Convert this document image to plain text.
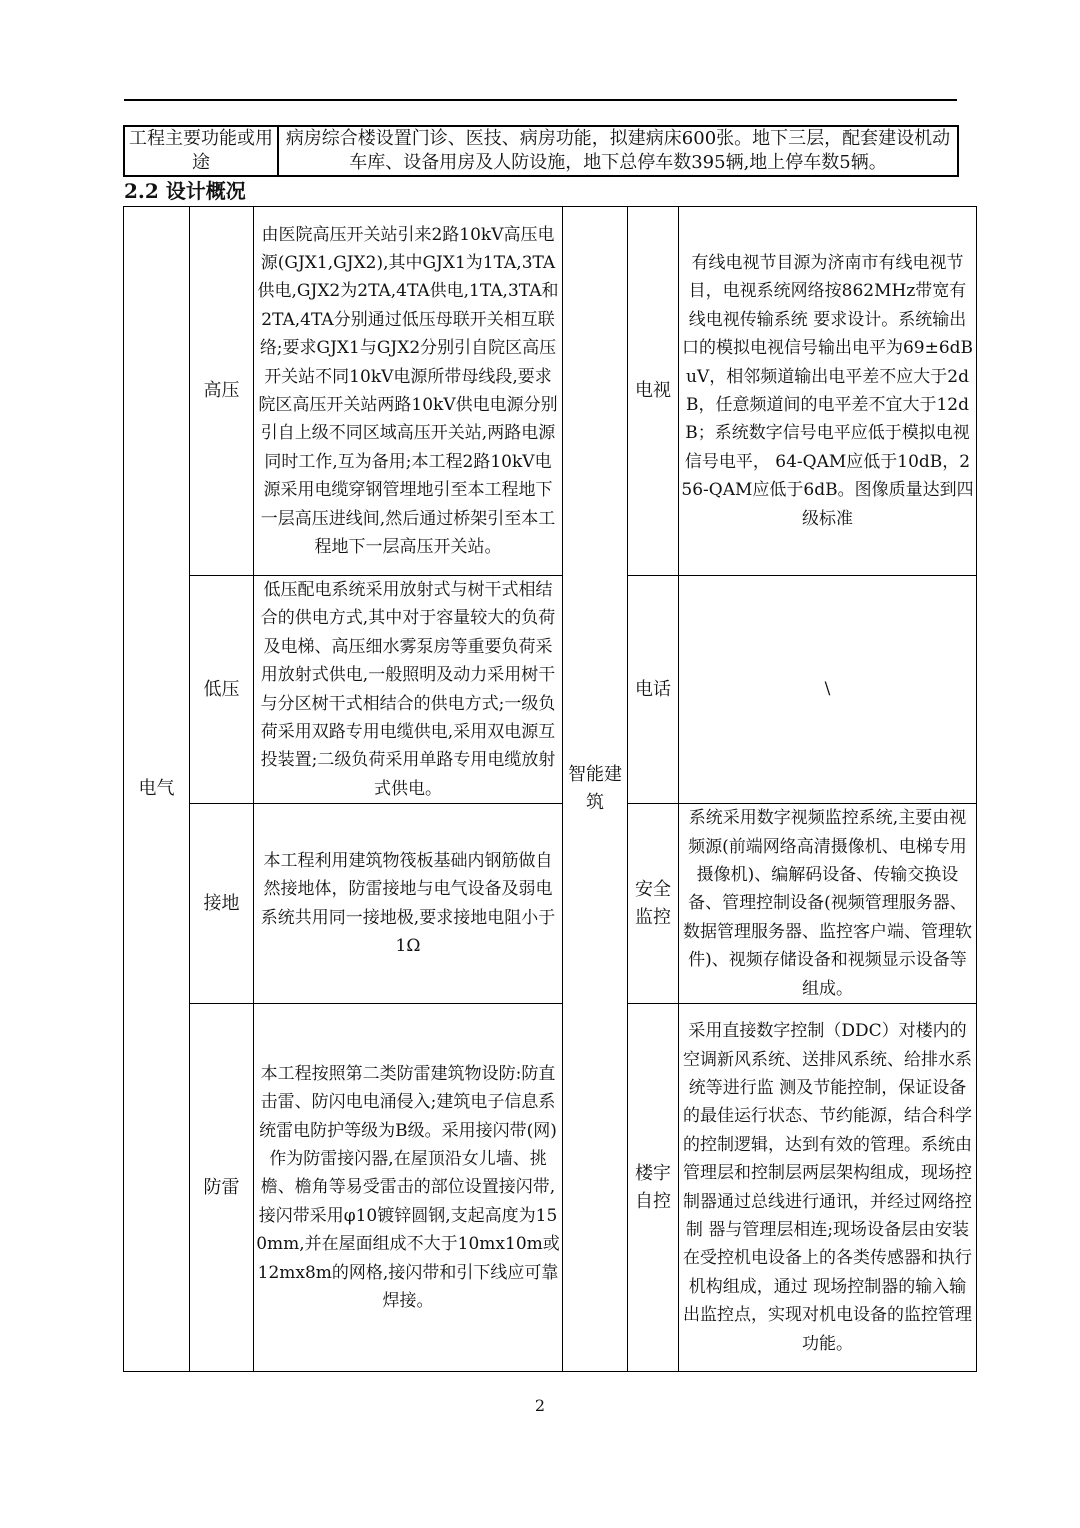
工程主要功能或用途	病房综合楼设置门诊、医技、病房功能，拟建病床600张。地下三层，配套建设机动车库、设备用房及人防设施，地下总停车数395辆,地上停车数5辆。
2.2 设计概况
电气	高压	由医院高压开关站引来2路10kV高压电源(GJX1,GJX2),其中GJX1为1TA,3TA供电,GJX2为2TA,4TA供电,1TA,3TA和2TA,4TA分别通过低压母联开关相互联络;要求GJX1与GJX2分别引自院区高压开关站不同10kV电源所带母线段,要求院区高压开关站两路10kV供电电源分别引自上级不同区域高压开关站,两路电源同时工作,互为备用;本工程2路10kV电源采用电缆穿钢管埋地引至本工程地下一层高压进线间,然后通过桥架引至本工程地下一层高压开关站。	智能建筑	电视	有线电视节目源为济南市有线电视节目，电视系统网络按862MHz带宽有线电视传输系统 要求设计。系统输出口的模拟电视信号输出电平为69±6dBuV，相邻频道输出电平差不应大于2dB，任意频道间的电平差不宜大于12dB；系统数字信号电平应低于模拟电视信号电平， 64-QAM应低于10dB，256-QAM应低于6dB。图像质量达到四级标准
	低压	低压配电系统采用放射式与树干式相结合的供电方式,其中对于容量较大的负荷及电梯、高压细水雾泵房等重要负荷采用放射式供电,一般照明及动力采用树干与分区树干式相结合的供电方式;一级负荷采用双路专用电缆供电,采用双电源互投装置;二级负荷采用单路专用电缆放射式供电。		电话	\
	接地	本工程利用建筑物筏板基础内钢筋做自然接地体，防雷接地与电气设备及弱电系统共用同一接地极,要求接地电阻小于1Ω		安全监控	系统采用数字视频监控系统,主要由视频源(前端网络高清摄像机、电梯专用摄像机)、编解码设备、传输交换设备、管理控制设备(视频管理服务器、数据管理服务器、监控客户端、管理软件)、视频存储设备和视频显示设备等组成。
	防雷	本工程按照第二类防雷建筑物设防:防直击雷、防闪电电涌侵入;建筑电子信息系统雷电防护等级为B级。采用接闪带(网)作为防雷接闪器,在屋顶沿女儿墙、挑檐、檐角等易受雷击的部位设置接闪带,接闪带采用φ10镀锌圆钢,支起高度为150mm,并在屋面组成不大于10mx10m或12mx8m的网格,接闪带和引下线应可靠焊接。		楼宇自控	采用直接数字控制（DDC）对楼内的空调新风系统、送排风系统、给排水系统等进行监 测及节能控制，保证设备的最佳运行状态、节约能源，结合科学的控制逻辑，达到有效的管理。系统由管理层和控制层两层架构组成，现场控制器通过总线进行通讯，并经过网络控制 器与管理层相连;现场设备层由安装在受控机电设备上的各类传感器和执行机构组成，通过 现场控制器的输入输出监控点，实现对机电设备的监控管理功能。
2
